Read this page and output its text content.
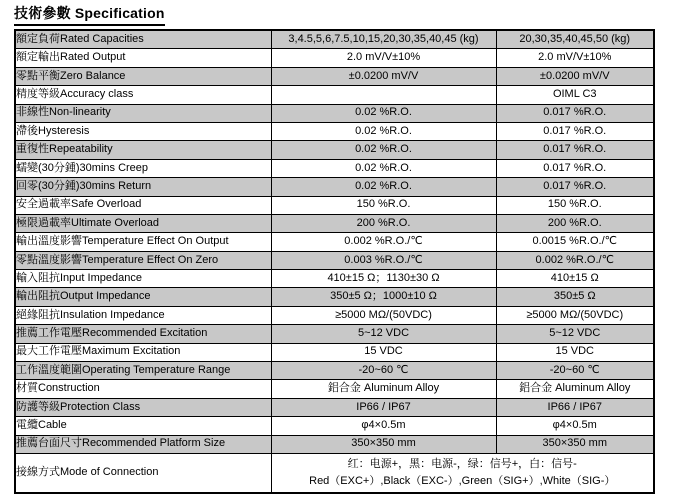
技術參數 Specification
額定負荷Rated Capacities	3,4.5,5,6,7.5,10,15,20,30,35,40,45 (kg)	20,30,35,40,45,50 (kg)
額定輸出Rated Output	2.0 mV/V±10%	2.0 mV/V±10%
零點平衡Zero Balance	±0.0200 mV/V	±0.0200 mV/V
精度等級Accuracy class		OIML C3
非線性Non-linearity	0.02 %R.O.	0.017 %R.O.
滯後Hysteresis	0.02 %R.O.	0.017 %R.O.
重復性Repeatability	0.02 %R.O.	0.017 %R.O.
蠕變(30分鍾)30mins Creep	0.02 %R.O.	0.017 %R.O.
回零(30分鍾)30mins Return	0.02 %R.O.	0.017 %R.O.
安全過載率Safe Overload	150 %R.O.	150 %R.O.
極限過載率Ultimate Overload	200 %R.O.	200 %R.O.
輸出溫度影響Temperature Effect On Output	0.002 %R.O./℃	0.0015 %R.O./℃
零點溫度影響Temperature Effect On Zero	0.003 %R.O./℃	0.002 %R.O./℃
輸入阻抗Input Impedance	410±15 Ω；1130±30 Ω	410±15 Ω
輸出阻抗Output Impedance	350±5 Ω；1000±10 Ω	350±5 Ω
絕緣阻抗Insulation Impedance	≥5000 MΩ/(50VDC)	≥5000 MΩ/(50VDC)
推薦工作電壓Recommended Excitation	5~12 VDC	5~12 VDC
最大工作電壓Maximum Excitation	15 VDC	15 VDC
工作溫度範圍Operating Temperature Range	-20~60 ℃	-20~60 ℃
材質Construction	鋁合金 Aluminum Alloy	鋁合金 Aluminum Alloy
防護等級Protection Class	IP66 / IP67	IP66 / IP67
電纜Cable	φ4×0.5m	φ4×0.5m
推薦台面尺寸Recommended Platform Size	350×350 mm	350×350 mm
接線方式Mode of Connection	红：电源+，黑：电源-，绿：信号+，白：信号-
Red（EXC+）,Black（EXC-）,Green（SIG+）,White（SIG-）	
